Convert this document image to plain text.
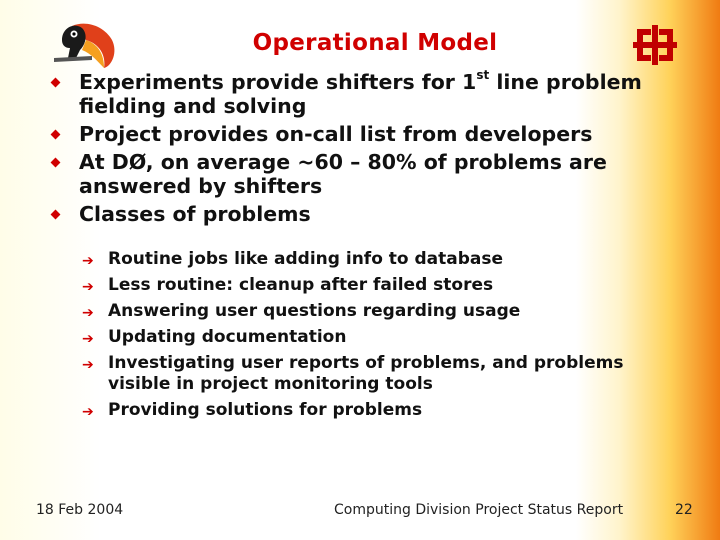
Operational Model
Experiments provide shifters for 1st line problem fielding and solving
Project provides on-call list from developers
At DØ, on average ~60 – 80% of problems are answered by shifters
Classes of problems
➔ Routine jobs like adding info to database
➔ Less routine: cleanup after failed stores
➔ Answering user questions regarding usage
➔ Updating documentation
➔ Investigating user reports of problems, and problems visible in project monitoring tools
➔ Providing solutions for problems
18 Feb 2004	Computing Division Project Status Report	22
